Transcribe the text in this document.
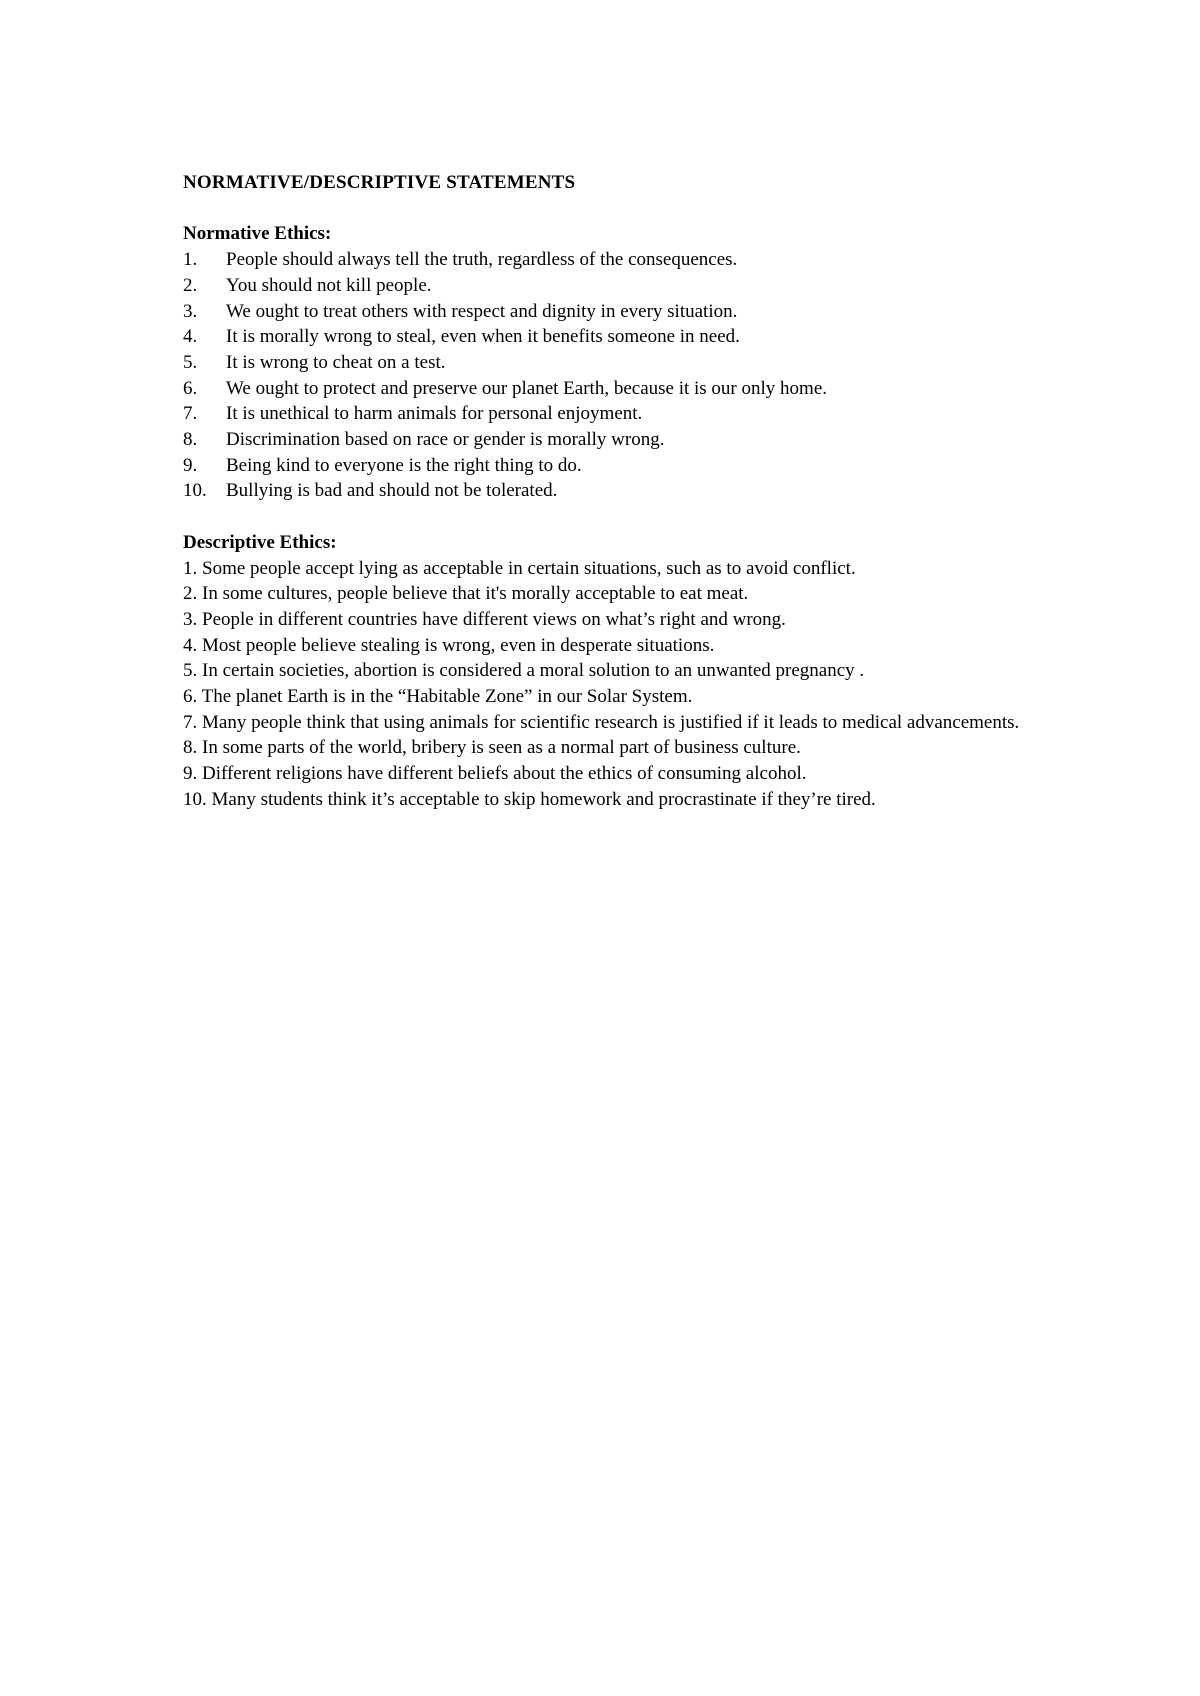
NORMATIVE/DESCRIPTIVE STATEMENTS
Normative Ethics:
1.	People should always tell the truth, regardless of the consequences.
2.	You should not kill people.
3.	We ought to treat others with respect and dignity in every situation.
4.	It is morally wrong to steal, even when it benefits someone in need.
5.	It is wrong to cheat on a test.
6.	We ought to protect and preserve our planet Earth, because it is our only home.
7.	It is unethical to harm animals for personal enjoyment.
8.	Discrimination based on race or gender is morally wrong.
9.	Being kind to everyone is the right thing to do.
10.	Bullying is bad and should not be tolerated.
Descriptive Ethics:
1. Some people accept lying as acceptable in certain situations, such as to avoid conflict.
2. In some cultures, people believe that it's morally acceptable to eat meat.
3. People in different countries have different views on what’s right and wrong.
4. Most people believe stealing is wrong, even in desperate situations.
5. In certain societies, abortion is considered a moral solution to an unwanted pregnancy .
6. The planet Earth is in the “Habitable Zone” in our Solar System.
7. Many people think that using animals for scientific research is justified if it leads to medical advancements.
8. In some parts of the world, bribery is seen as a normal part of business culture.
9. Different religions have different beliefs about the ethics of consuming alcohol.
10. Many students think it’s acceptable to skip homework and procrastinate if they’re tired.
